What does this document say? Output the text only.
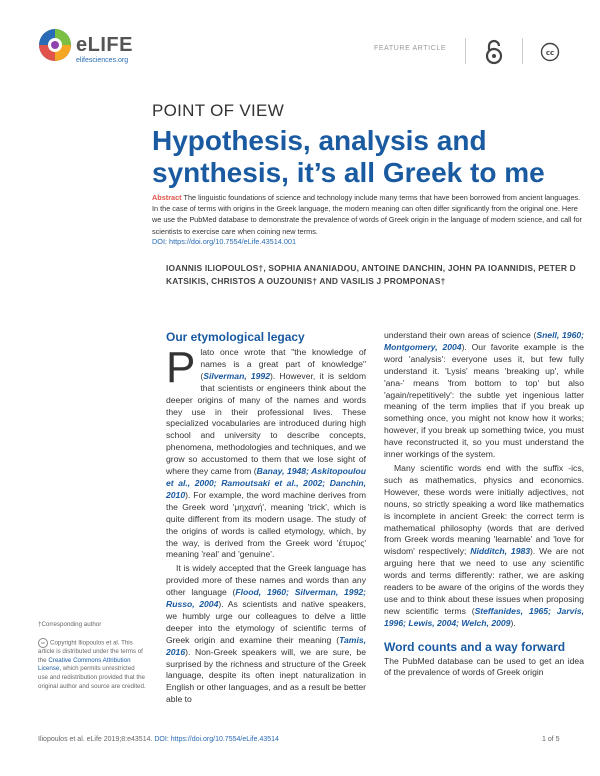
eLIFE
elifesciences.org
FEATURE ARTICLE
cc
POINT OF VIEW
Hypothesis, analysis and synthesis, it’s all Greek to me
Abstract The linguistic foundations of science and technology include many terms that have been borrowed from ancient languages. In the case of terms with origins in the Greek language, the modern meaning can often differ significantly from the original one. Here we use the PubMed database to demonstrate the prevalence of words of Greek origin in the language of modern science, and call for scientists to exercise care when coining new terms.
DOI: https://doi.org/10.7554/eLife.43514.001
IOANNIS ILIOPOULOS†, SOPHIA ANANIADOU, ANTOINE DANCHIN, JOHN PA IOANNIDIS, PETER D KATSIKIS, CHRISTOS A OUZOUNIS† AND VASILIS J PROMPONAS†
†Corresponding author
cc Copyright Iliopoulos et al. This article is distributed under the terms of the Creative Commons Attribution License, which permits unrestricted use and redistribution provided that the original author and source are credited.
Our etymological legacy

Plato once wrote that "the knowledge of names is a great part of knowledge" (Silverman, 1992). However, it is seldom that scientists or engineers think about the deeper origins of many of the names and words they use in their professional lives. These specialized vocabularies are introduced during high school and university to describe concepts, phenomena, methodologies and techniques, and we grow so accustomed to them that we lose sight of where they came from (Banay, 1948; Askitopoulou et al., 2000; Ramoutsaki et al., 2002; Danchin, 2010). For example, the word machine derives from the Greek word 'μηχανή', meaning 'trick', which is quite different from its modern usage. The study of the origins of words is called etymology, which, by the way, is derived from the Greek word 'έτυμος' meaning 'real' and 'genuine'.

It is widely accepted that the Greek language has provided more of these names and words than any other language (Flood, 1960; Silverman, 1992; Russo, 2004). As scientists and native speakers, we humbly urge our colleagues to delve a little deeper into the etymology of scientific terms of Greek origin and examine their meaning (Tamis, 2016). Non-Greek speakers will, we are sure, be surprised by the richness and structure of the Greek language, despite its often inept naturalization in English or other languages, and as a result be better able to

understand their own areas of science (Snell, 1960; Montgomery, 2004). Our favorite example is the word 'analysis': everyone uses it, but few fully understand it. 'Lysis' means 'breaking up', while 'ana-' means 'from bottom to top' but also 'again/repetitively': the subtle yet ingenious latter meaning of the term implies that if you break up something once, you might not know how it works; however, if you break up something twice, you must have reconstructed it, so you must understand the inner workings of the system.

Many scientific words end with the suffix -ics, such as mathematics, physics and economics. However, these words were initially adjectives, not nouns, so strictly speaking a word like mathematics is incomplete in ancient Greek: the correct term is mathematical philosophy (words that are derived from Greek words meaning 'learnable' and 'love for wisdom' respectively; Nidditch, 1983). We are not arguing here that we need to use any scientific words and terms differently: rather, we are asking readers to be aware of the origins of the words they use and to think about these issues when proposing new scientific terms (Steffanides, 1965; Jarvis, 1996; Lewis, 2004; Welch, 2009).

Word counts and a way forward

The PubMed database can be used to get an idea of the prevalence of words of Greek origin

Iliopoulos et al. eLife 2019;8:e43514. DOI: https://doi.org/10.7554/eLife.43514	1 of 5
